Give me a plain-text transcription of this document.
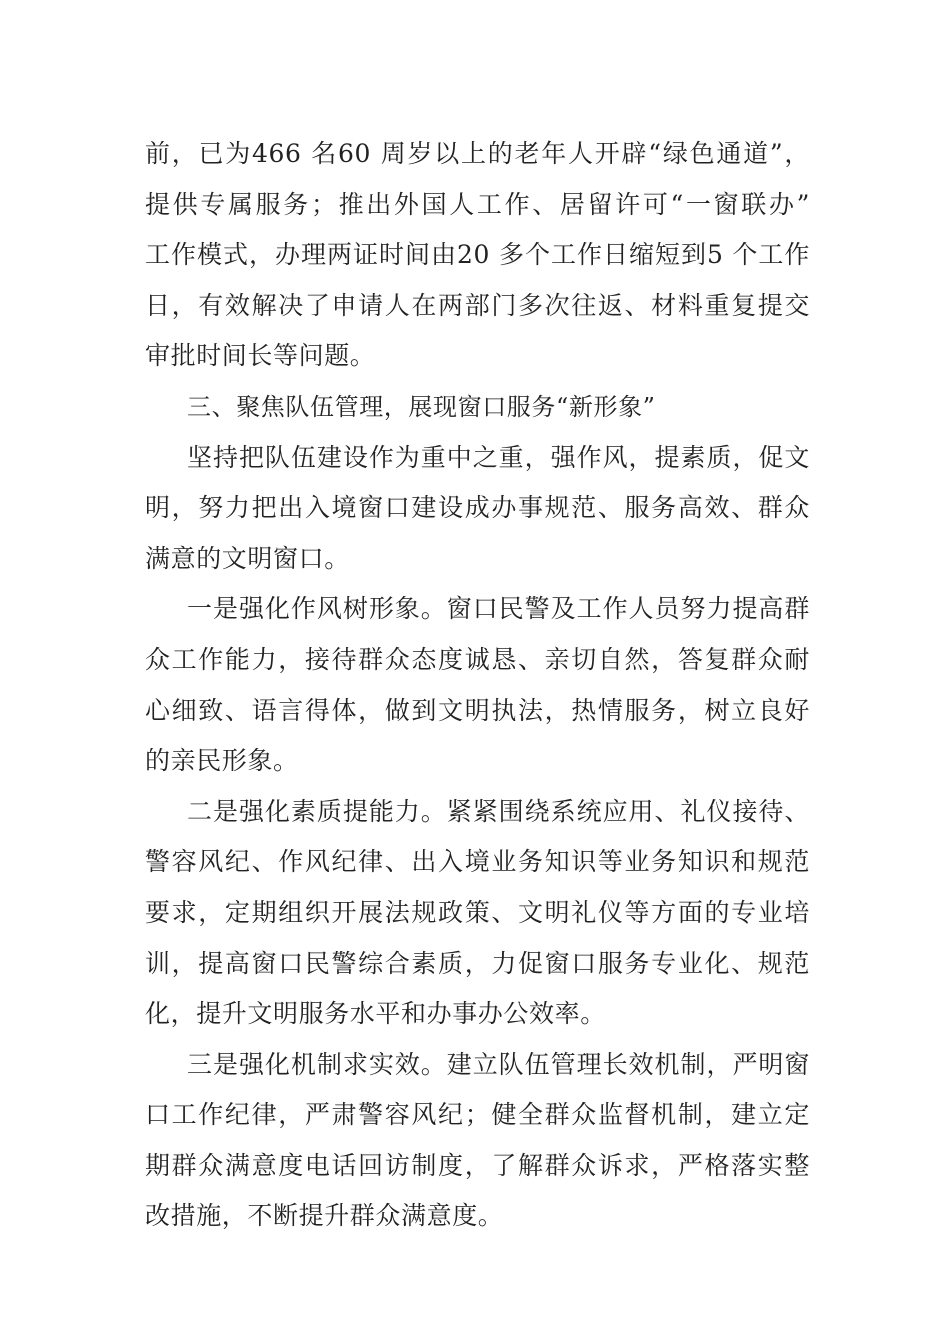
前，已为466 名60 周岁以上的老年人开辟“绿色通道”，
提供专属服务；推出外国人工作、居留许可“一窗联办”
工作模式，办理两证时间由20 多个工作日缩短到5 个工作
日，有效解决了申请人在两部门多次往返、材料重复提交
审批时间长等问题。
三、聚焦队伍管理，展现窗口服务“新形象”
坚持把队伍建设作为重中之重，强作风，提素质，促文
明，努力把出入境窗口建设成办事规范、服务高效、群众
满意的文明窗口。
一是强化作风树形象。窗口民警及工作人员努力提高群
众工作能力，接待群众态度诚恳、亲切自然，答复群众耐
心细致、语言得体，做到文明执法，热情服务，树立良好
的亲民形象。
二是强化素质提能力。紧紧围绕系统应用、礼仪接待、
警容风纪、作风纪律、出入境业务知识等业务知识和规范
要求，定期组织开展法规政策、文明礼仪等方面的专业培
训，提高窗口民警综合素质，力促窗口服务专业化、规范
化，提升文明服务水平和办事办公效率。
三是强化机制求实效。建立队伍管理长效机制，严明窗
口工作纪律，严肃警容风纪；健全群众监督机制，建立定
期群众满意度电话回访制度，了解群众诉求，严格落实整
改措施，不断提升群众满意度。
